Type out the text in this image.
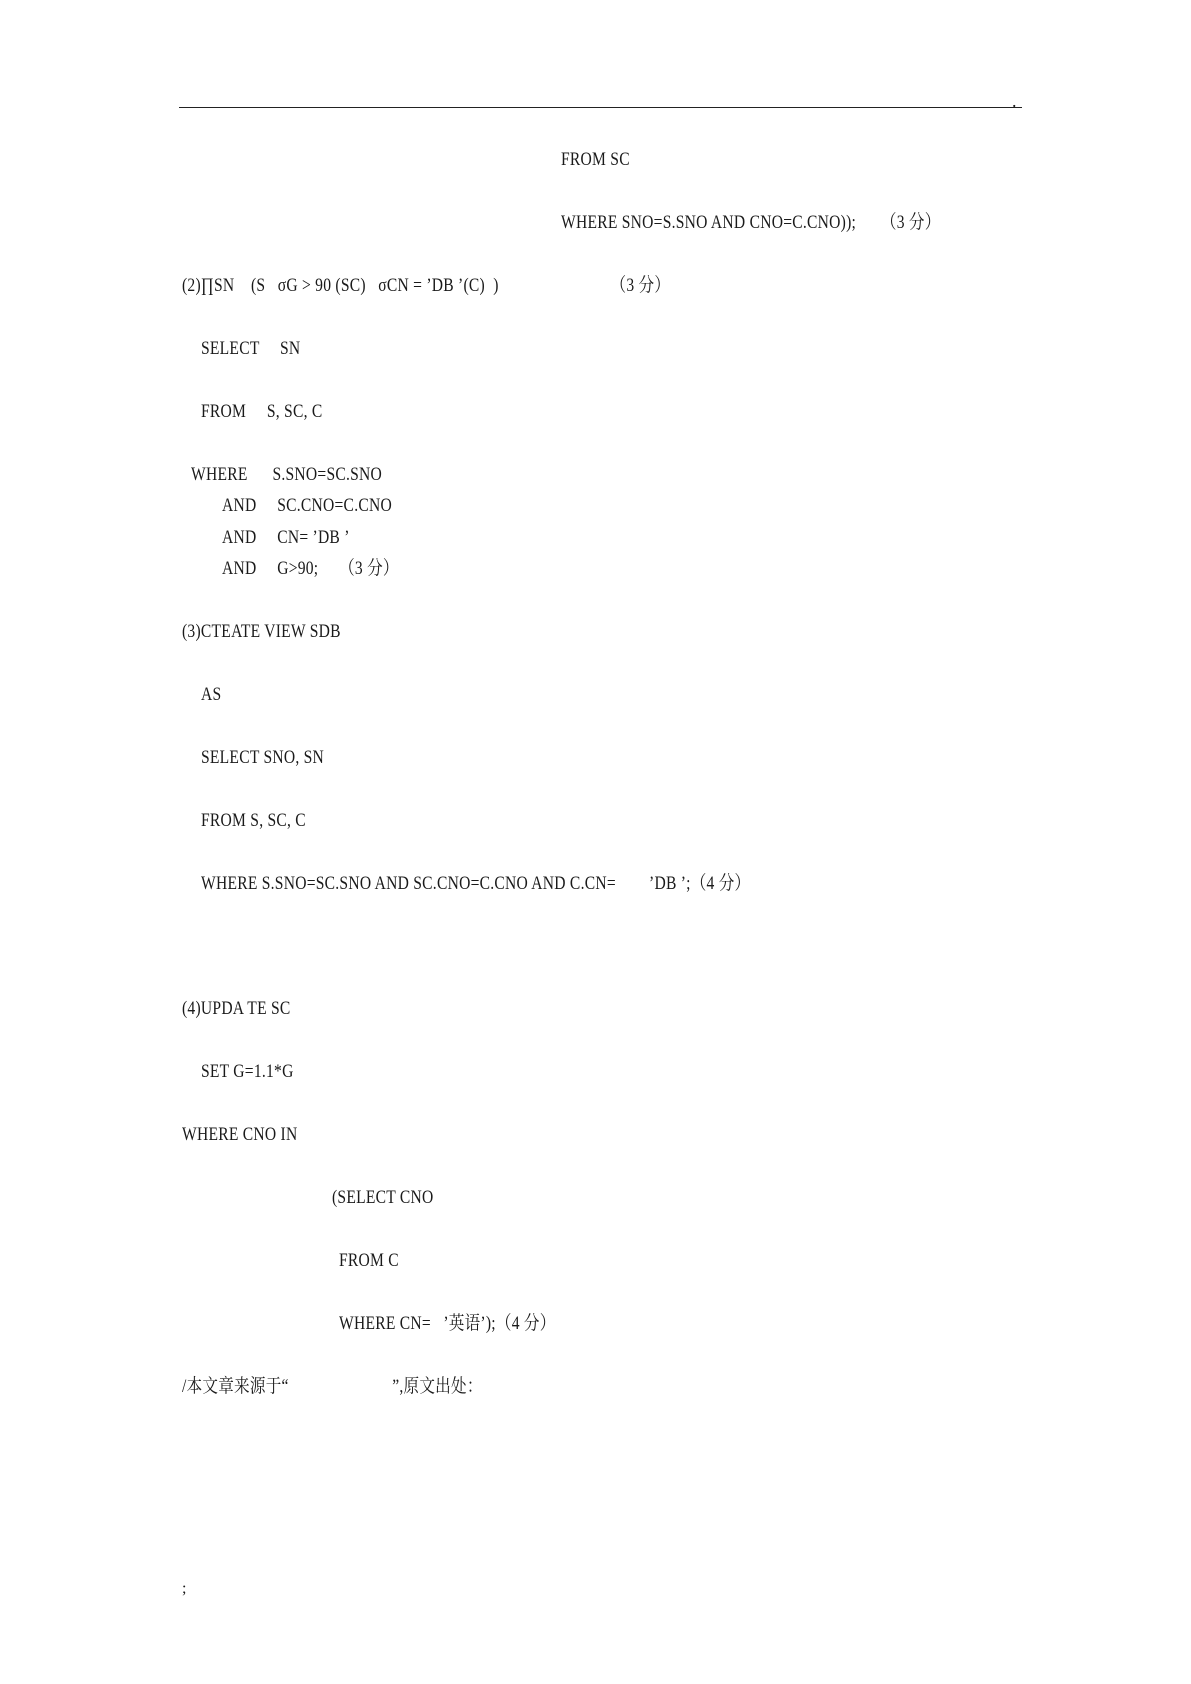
.
FROM SC
WHERE SNO=S.SNO AND CNO=C.CNO));      （3 分）
(2)∏SN    (S   σG > 90 (SC)   σCN = ’DB ’(C)  )                           （3 分）
SELECT     SN
FROM     S, SC, C
WHERE      S.SNO=SC.SNO
AND     SC.CNO=C.CNO
AND     CN= ’DB ’
AND     G>90;     （3 分）
(3)CTEATE VIEW SDB
AS
SELECT SNO, SN
FROM S, SC, C
WHERE S.SNO=SC.SNO AND SC.CNO=C.CNO AND C.CN=        ’DB ’;（4 分）
(4)UPDA TE SC
SET G=1.1*G
WHERE CNO IN
(SELECT CNO
FROM C
WHERE CN=   ’英语’);（4 分）
/本文章来源于“                         ”,原文出处：
;
